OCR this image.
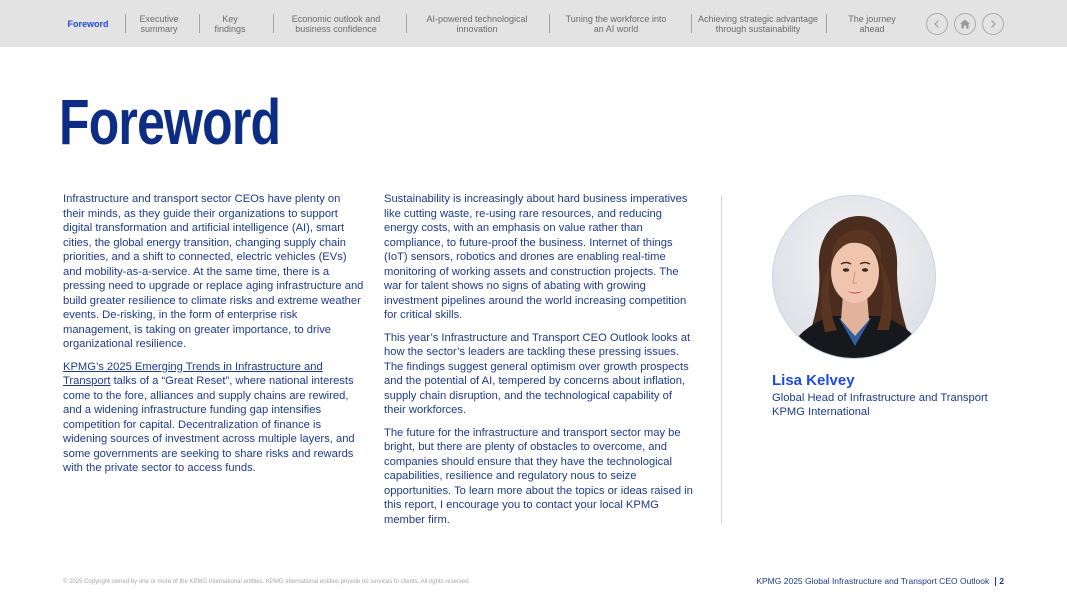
Foreword	Executive
summary
Key
findings
Economic outlook and
business confidence
AI-powered technological
innovation
Tuning the workforce into
an AI world
Achieving strategic advantage
through sustainability
The journey
ahead
Foreword

Infrastructure and transport sector CEOs have plenty on their minds, as they guide their organizations to support digital transformation and artificial intelligence (AI), smart cities, the global energy transition, changing supply chain priorities, and a shift to connected, electric vehicles (EVs) and mobility-as-a-service. At the same time, there is a pressing need to upgrade or replace aging infrastructure and build greater resilience to climate risks and extreme weather events. De-risking, in the form of enterprise risk management, is taking on greater importance, to drive organizational resilience.

KPMG’s 2025 Emerging Trends in Infrastructure and Transport talks of a “Great Reset”, where national interests come to the fore, alliances and supply chains are rewired, and a widening infrastructure funding gap intensifies competition for capital. Decentralization of finance is widening sources of investment across multiple layers, and some governments are seeking to share risks and rewards with the private sector to access funds.

Sustainability is increasingly about hard business imperatives like cutting waste, re-using rare resources, and reducing energy costs, with an emphasis on value rather than compliance, to future-proof the business. Internet of things (IoT) sensors, robotics and drones are enabling real-time monitoring of working assets and construction projects. The war for talent shows no signs of abating with growing investment pipelines around the world increasing competition for critical skills.

This year’s Infrastructure and Transport CEO Outlook looks at how the sector’s leaders are tackling these pressing issues. The findings suggest general optimism over growth prospects and the potential of AI, tempered by concerns about inflation, supply chain disruption, and the technological capability of their workforces.

The future for the infrastructure and transport sector may be bright, but there are plenty of obstacles to overcome, and companies should ensure that they have the technological capabilities, resilience and regulatory nous to seize opportunities. To learn more about the topics or ideas raised in this report, I encourage you to contact your local KPMG member firm.

Lisa Kelvey
Global Head of Infrastructure and Transport
KPMG International
© 2025 Copyright owned by one or more of the KPMG International entities. KPMG International entities provide no services to clients. All rights reserved.	KPMG 2025 Global Infrastructure and Transport CEO Outlook 2
